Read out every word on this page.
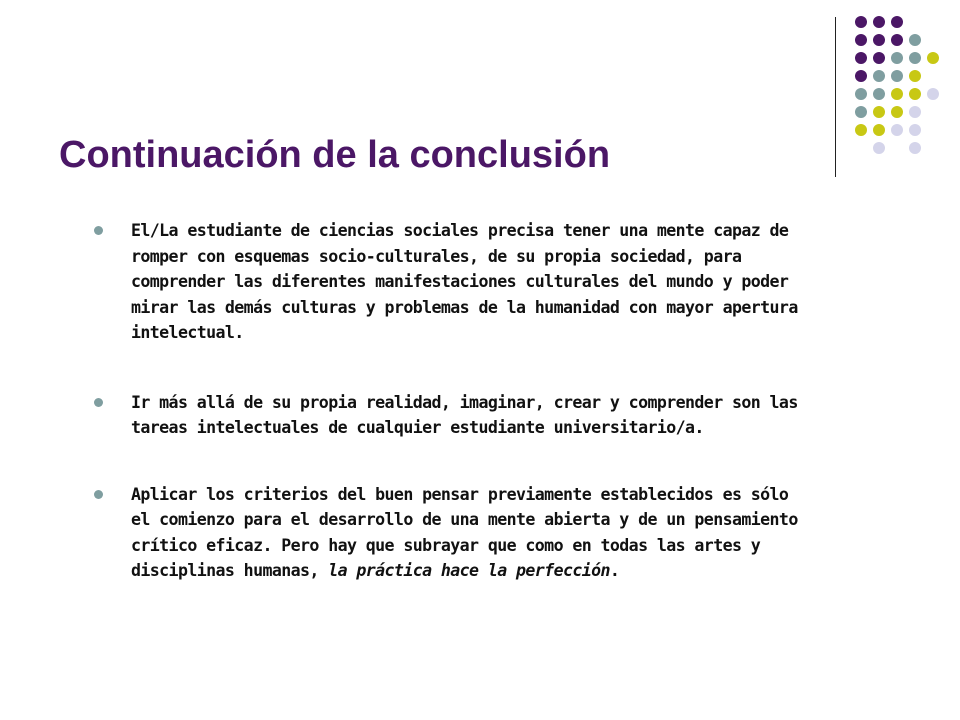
Continuación de la conclusión
El/La estudiante de ciencias sociales precisa tener una mente capaz de romper con esquemas socio-culturales, de su propia sociedad, para comprender las diferentes manifestaciones culturales del mundo y poder mirar las demás culturas y problemas de la humanidad con mayor apertura intelectual.
Ir más allá de su propia realidad, imaginar, crear y comprender son las tareas intelectuales de cualquier estudiante universitario/a.
Aplicar los criterios del buen pensar previamente establecidos es sólo el comienzo para el desarrollo de una mente abierta y de un pensamiento crítico eficaz. Pero hay que subrayar que como en todas las artes y disciplinas humanas, la práctica hace la perfección.
